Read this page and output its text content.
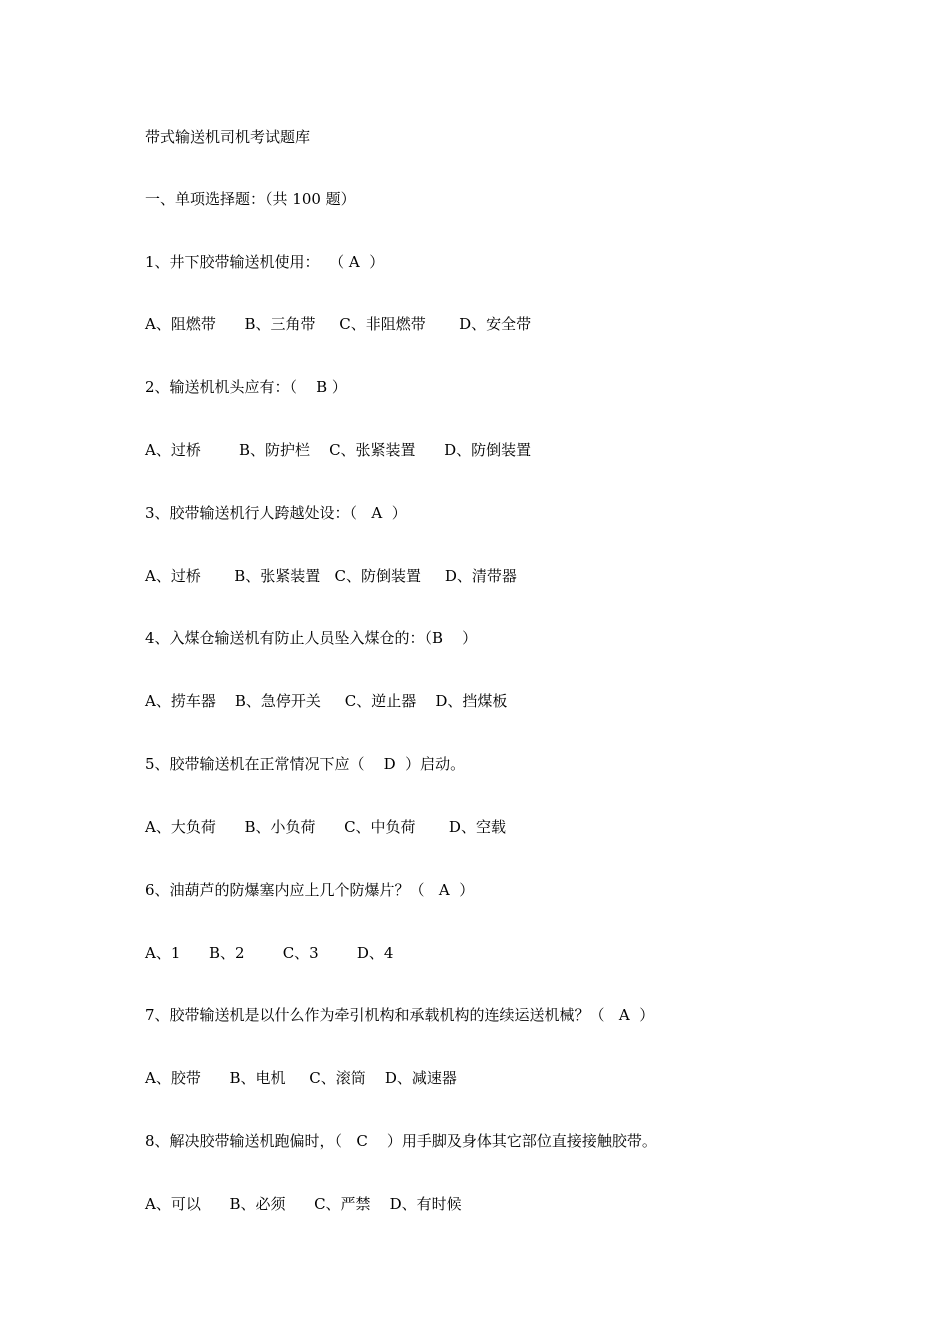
带式输送机司机考试题库
一、单项选择题：（共 100 题）
1、井下胶带输送机使用：  （ A  ）
A、阻燃带      B、三角带     C、非阻燃带       D、安全带
2、输送机机头应有：（    B ）
A、过桥        B、防护栏    C、张紧装置      D、防倒装置
3、胶带输送机行人跨越处设：（   A  ）
A、过桥       B、张紧装置   C、防倒装置     D、清带器
4、入煤仓输送机有防止人员坠入煤仓的：（B    ）
A、捞车器    B、急停开关     C、逆止器    D、挡煤板
5、胶带输送机在正常情况下应（    D  ）启动。
A、大负荷      B、小负荷      C、中负荷       D、空载
6、油葫芦的防爆塞内应上几个防爆片？（   A  ）
A、1      B、2        C、3        D、4
7、胶带输送机是以什么作为牵引机构和承载机构的连续运送机械？（   A  ）
A、胶带      B、电机     C、滚筒    D、减速器
8、解决胶带输送机跑偏时，（   C    ）用手脚及身体其它部位直接接触胶带。
A、可以      B、必须      C、严禁    D、有时候
